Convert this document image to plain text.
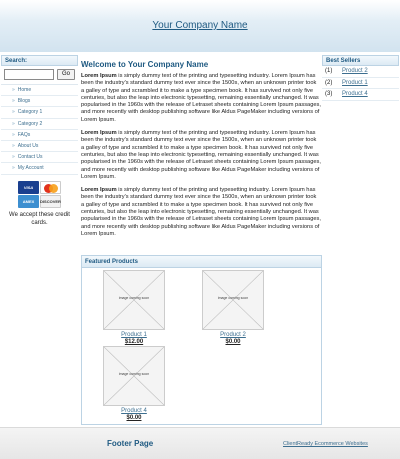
Your Company Name
Search:
Go
» Home
» Blogs
» Category 1
» Category 2
» FAQs
» About Us
» Contact Us
» My Account
VISA
AMEX	DISCOVER
We accept these credit cards.
Welcome to Your Company Name

Lorem Ipsum is simply dummy text of the printing and typesetting industry. Lorem Ipsum has been the industry's standard dummy text ever since the 1500s, when an unknown printer took a galley of type and scrambled it to make a type specimen book. It has survived not only five centuries, but also the leap into electronic typesetting, remaining essentially unchanged. It was popularised in the 1960s with the release of Letraset sheets containing Lorem Ipsum passages, and more recently with desktop publishing software like Aldus PageMaker including versions of Lorem Ipsum.

Lorem Ipsum is simply dummy text of the printing and typesetting industry. Lorem Ipsum has been the industry's standard dummy text ever since the 1500s, when an unknown printer took a galley of type and scrambled it to make a type specimen book. It has survived not only five centuries, but also the leap into electronic typesetting, remaining essentially unchanged. It was popularised in the 1960s with the release of Letraset sheets containing Lorem Ipsum passages, and more recently with desktop publishing software like Aldus PageMaker including versions of Lorem Ipsum.

Lorem Ipsum is simply dummy text of the printing and typesetting industry. Lorem Ipsum has been the industry's standard dummy text ever since the 1500s, when an unknown printer took a galley of type and scrambled it to make a type specimen book. It has survived not only five centuries, but also the leap into electronic typesetting, remaining essentially unchanged. It was popularised in the 1960s with the release of Letraset sheets containing Lorem Ipsum passages, and more recently with desktop publishing software like Aldus PageMaker including versions of Lorem Ipsum.

Featured Products
image coming soon
Product 1
$12.00
image coming soon
Product 2
$0.00
image coming soon
Product 4
$0.00
Best Sellers
(1)	Product 2
(2)	Product 1
(3)	Product 4
Footer Page	ClientReady Ecommerce Websites
